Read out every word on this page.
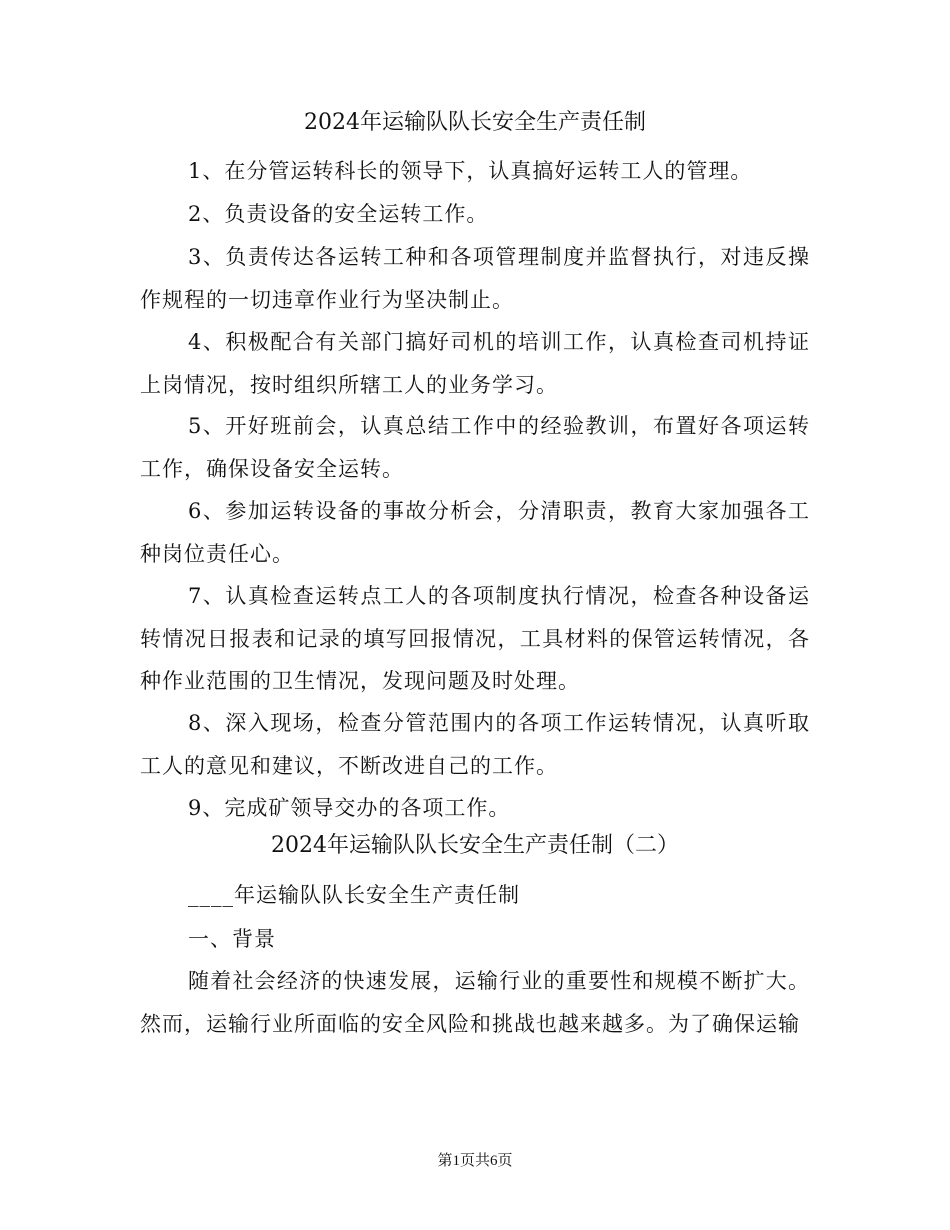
2024年运输队队长安全生产责任制
1、在分管运转科长的领导下，认真搞好运转工人的管理。
2、负责设备的安全运转工作。
3、负责传达各运转工种和各项管理制度并监督执行，对违反操作规程的一切违章作业行为坚决制止。
4、积极配合有关部门搞好司机的培训工作，认真检查司机持证上岗情况，按时组织所辖工人的业务学习。
5、开好班前会，认真总结工作中的经验教训，布置好各项运转工作，确保设备安全运转。
6、参加运转设备的事故分析会，分清职责，教育大家加强各工种岗位责任心。
7、认真检查运转点工人的各项制度执行情况，检查各种设备运转情况日报表和记录的填写回报情况，工具材料的保管运转情况，各种作业范围的卫生情况，发现问题及时处理。
8、深入现场，检查分管范围内的各项工作运转情况，认真听取工人的意见和建议，不断改进自己的工作。
9、完成矿领导交办的各项工作。
2024年运输队队长安全生产责任制（二）
____年运输队队长安全生产责任制
一、背景
随着社会经济的快速发展，运输行业的重要性和规模不断扩大。然而，运输行业所面临的安全风险和挑战也越来越多。为了确保运输
第1页共6页
